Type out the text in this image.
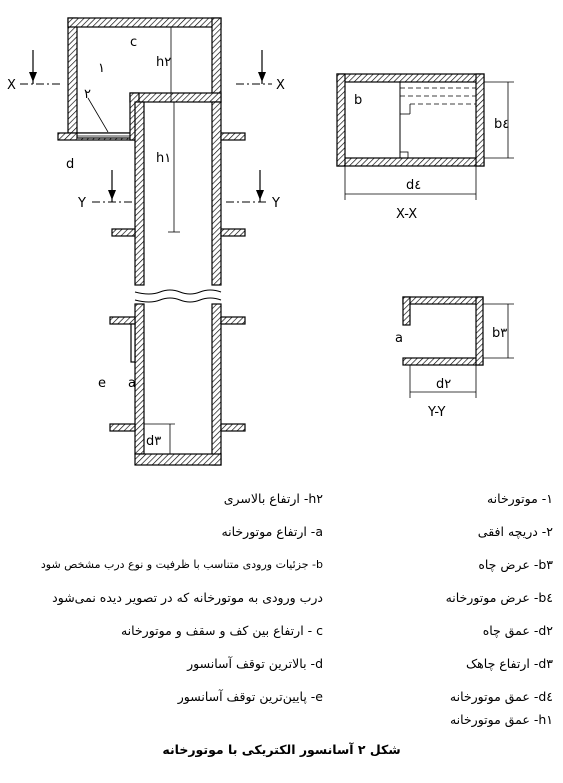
c
١
٢
h٢
h١
d
X	X
Y	Y
e a
d٣
b
b٤
d٤
X-X
a	b٣
d٢
Y-Y
١- موتورخانه
٢- دریچه افقی
b٣- عرض چاه
b٤- عرض موتورخانه
d٢- عمق چاه
d٣- ارتفاع چاهک
d٤- عمق موتورخانه
h١- عمق موتورخانه
h٢- ارتفاع بالاسری
a- ارتفاع موتورخانه
b- جزئیات ورودی متناسب با ظرفیت و نوع درب مشخص شود
درب ورودی به موتورخانه که در تصویر دیده نمی‌شود
c - ارتفاع بین کف و سقف و موتورخانه
d- بالاترین توقف آسانسور
e- پایین‌ترین توقف آسانسور
شکل ۲ آسانسور الکتریکی با موتورخانه
